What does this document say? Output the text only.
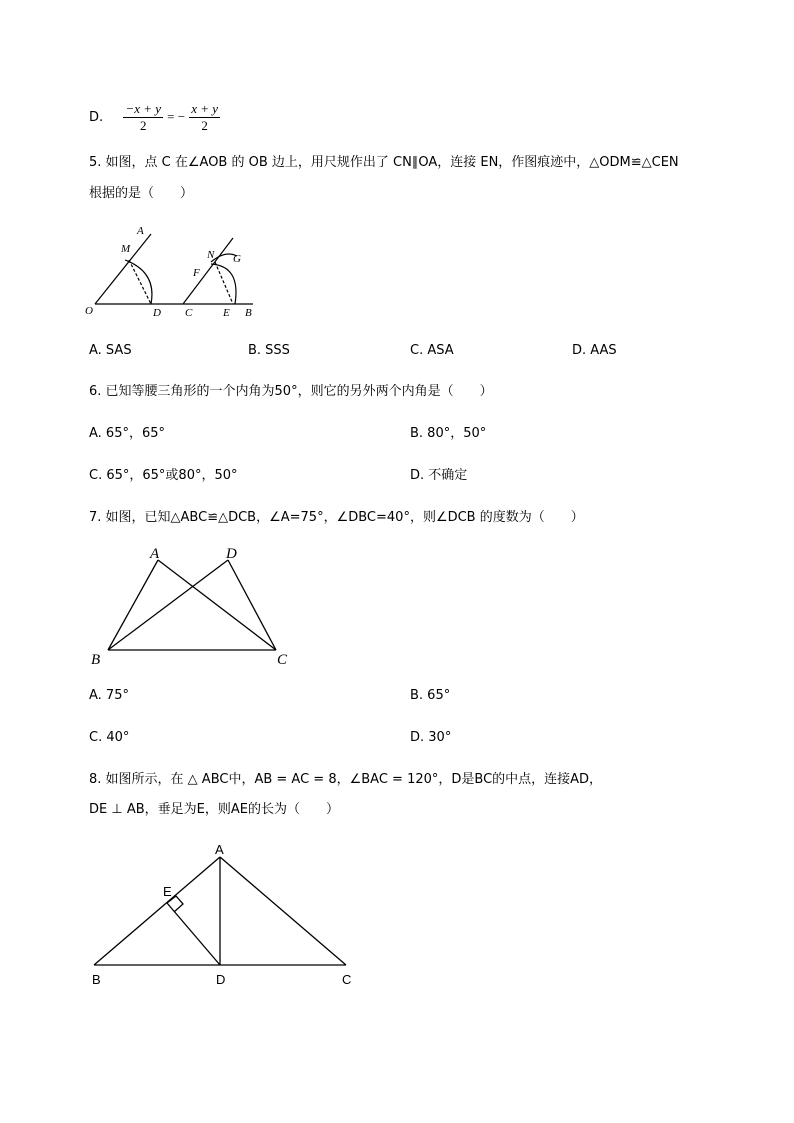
D. $\frac{-x + y}{2}$ = − $\frac{x + y}{2}$
5. 如图，点 C 在∠AOB 的 OB 边上，用尺规作出了 CN∥OA，连接 EN，作图痕迹中，△ODM≌△CEN
根据的是（　　）
A
M
O	D
N G
F
C	E B
A. SAS	B. SSS	C. ASA	D. AAS
6. 已知等腰三角形的一个内角为50°，则它的另外两个内角是（　　）
A. 65°，65°	B. 80°，50°
C. 65°，65°或80°，50°	D. 不确定
7. 如图，已知△ABC≌△DCB，∠A=75°，∠DBC=40°，则∠DCB 的度数为（　　）
A	D
B	C
A. 75°	B. 65°
C. 40°	D. 30°
8. 如图所示，在 △ ABC中，AB = AC = 8，∠BAC = 120°，D是BC的中点，连接AD，
DE ⊥ AB，垂足为E，则AE的长为（　　）
A
E
B	D	C
